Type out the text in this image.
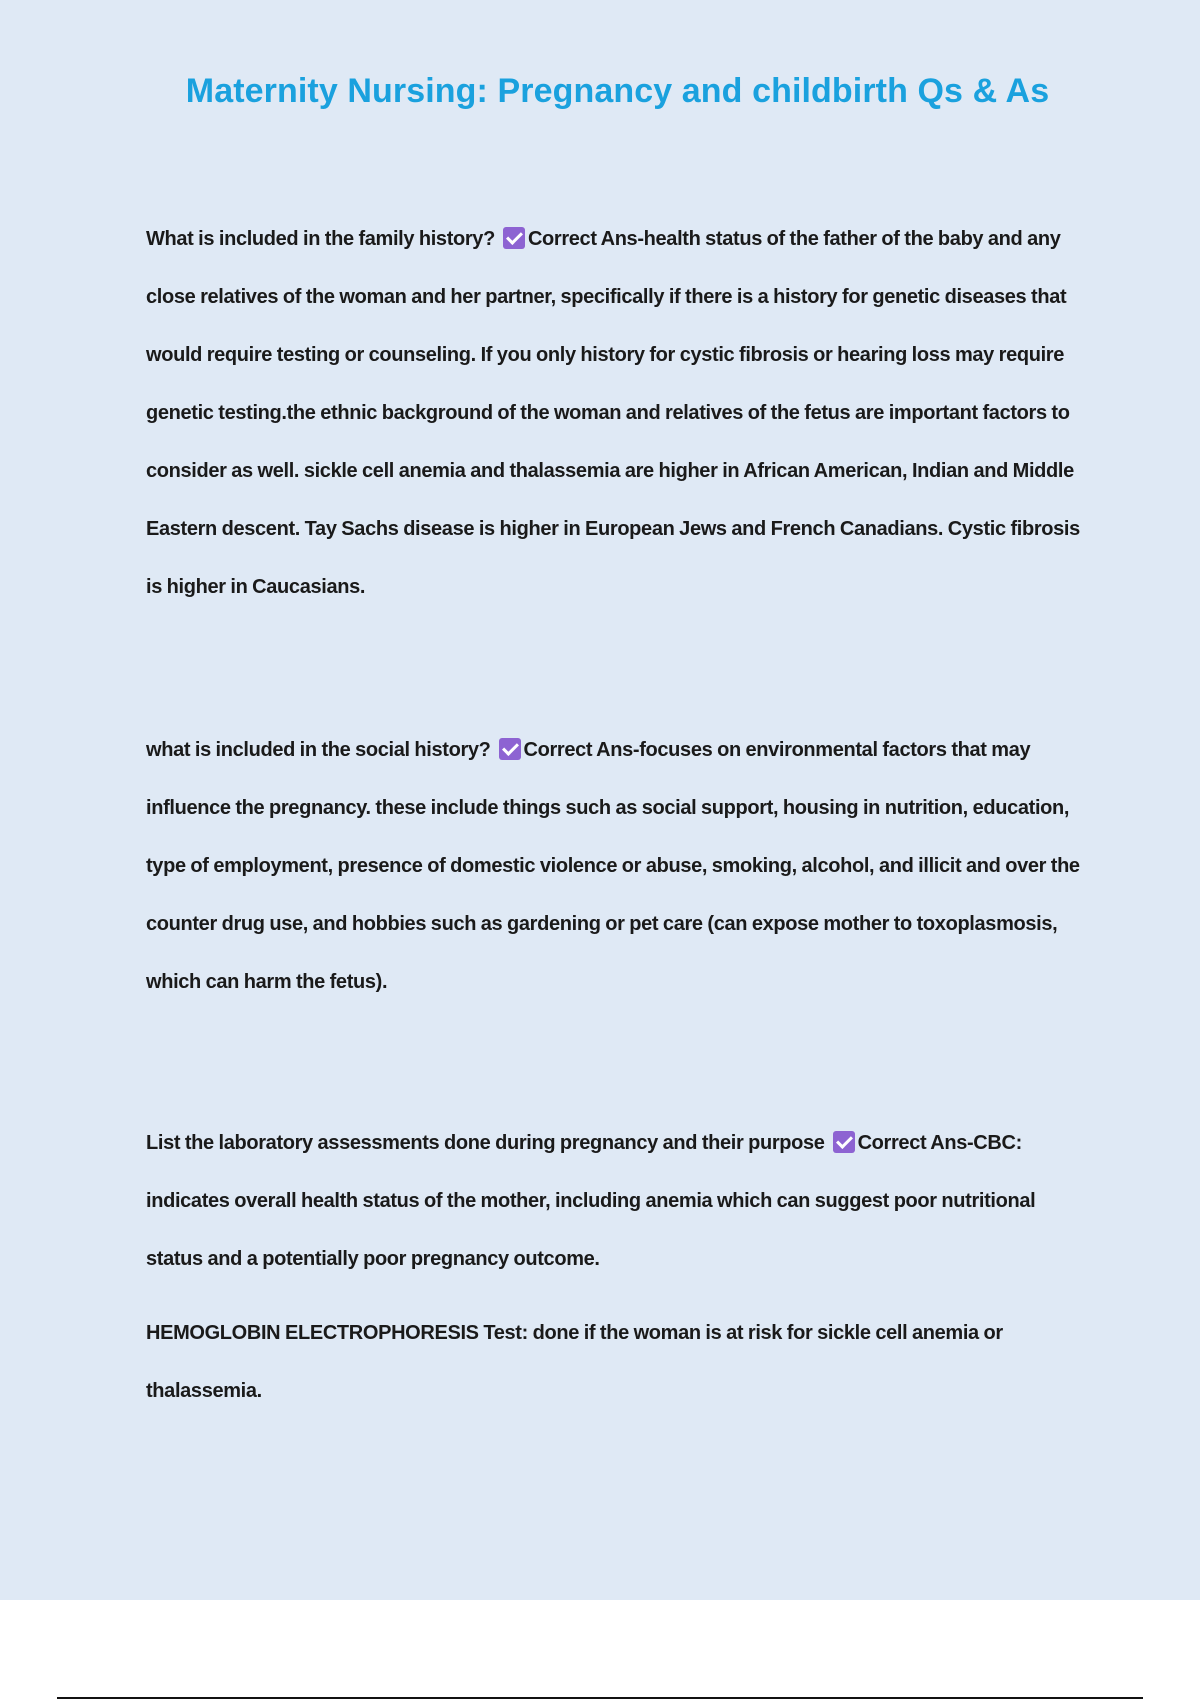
Maternity Nursing: Pregnancy and childbirth Qs & As

What is included in the family history? Correct Ans-health status of the father of the baby and any close relatives of the woman and her partner, specifically if there is a history for genetic diseases that would require testing or counseling. If you only history for cystic fibrosis or hearing loss may require genetic testing.the ethnic background of the woman and relatives of the fetus are important factors to consider as well. sickle cell anemia and thalassemia are higher in African American, Indian and Middle Eastern descent. Tay Sachs disease is higher in European Jews and French Canadians. Cystic fibrosis is higher in Caucasians.

what is included in the social history? Correct Ans-focuses on environmental factors that may influence the pregnancy. these include things such as social support, housing in nutrition, education, type of employment, presence of domestic violence or abuse, smoking, alcohol, and illicit and over the counter drug use, and hobbies such as gardening or pet care (can expose mother to toxoplasmosis, which can harm the fetus).

List the laboratory assessments done during pregnancy and their purpose Correct Ans-CBC: indicates overall health status of the mother, including anemia which can suggest poor nutritional status and a potentially poor pregnancy outcome.

HEMOGLOBIN ELECTROPHORESIS Test: done if the woman is at risk for sickle cell anemia or thalassemia.
